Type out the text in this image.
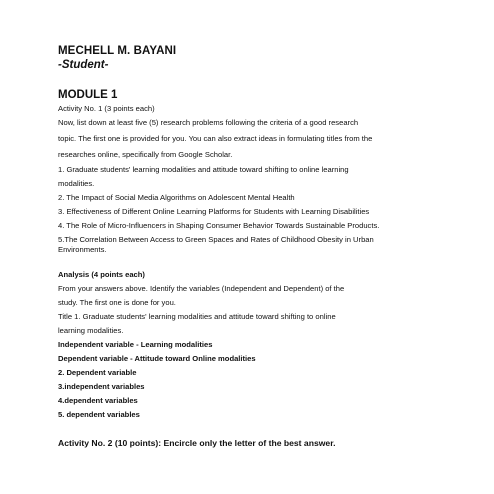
MECHELL M. BAYANI
-Student-
MODULE 1
Activity No. 1 (3 points each)
Now, list down at least five (5) research problems following the criteria of a good research
topic. The first one is provided for you. You can also extract ideas in formulating titles from the
researches online, specifically from Google Scholar.
1. Graduate students' learning modalities and attitude toward shifting to online learning
modalities.
2. The Impact of Social Media Algorithms on Adolescent Mental Health
3. Effectiveness of Different Online Learning Platforms for Students with Learning Disabilities
4. The Role of Micro-Influencers in Shaping Consumer Behavior Towards Sustainable Products.
5.The Correlation Between Access to Green Spaces and Rates of Childhood Obesity in Urban Environments.
Analysis (4 points each)
From your answers above. Identify the variables (Independent and Dependent) of the
study. The first one is done for you.
Title 1. Graduate students' learning modalities and attitude toward shifting to online
learning modalities.
Independent variable - Learning modalities
Dependent variable - Attitude toward Online modalities
2. Dependent variable
3.independent variables
4.dependent variables
5. dependent variables
Activity No. 2 (10 points): Encircle only the letter of the best answer.
